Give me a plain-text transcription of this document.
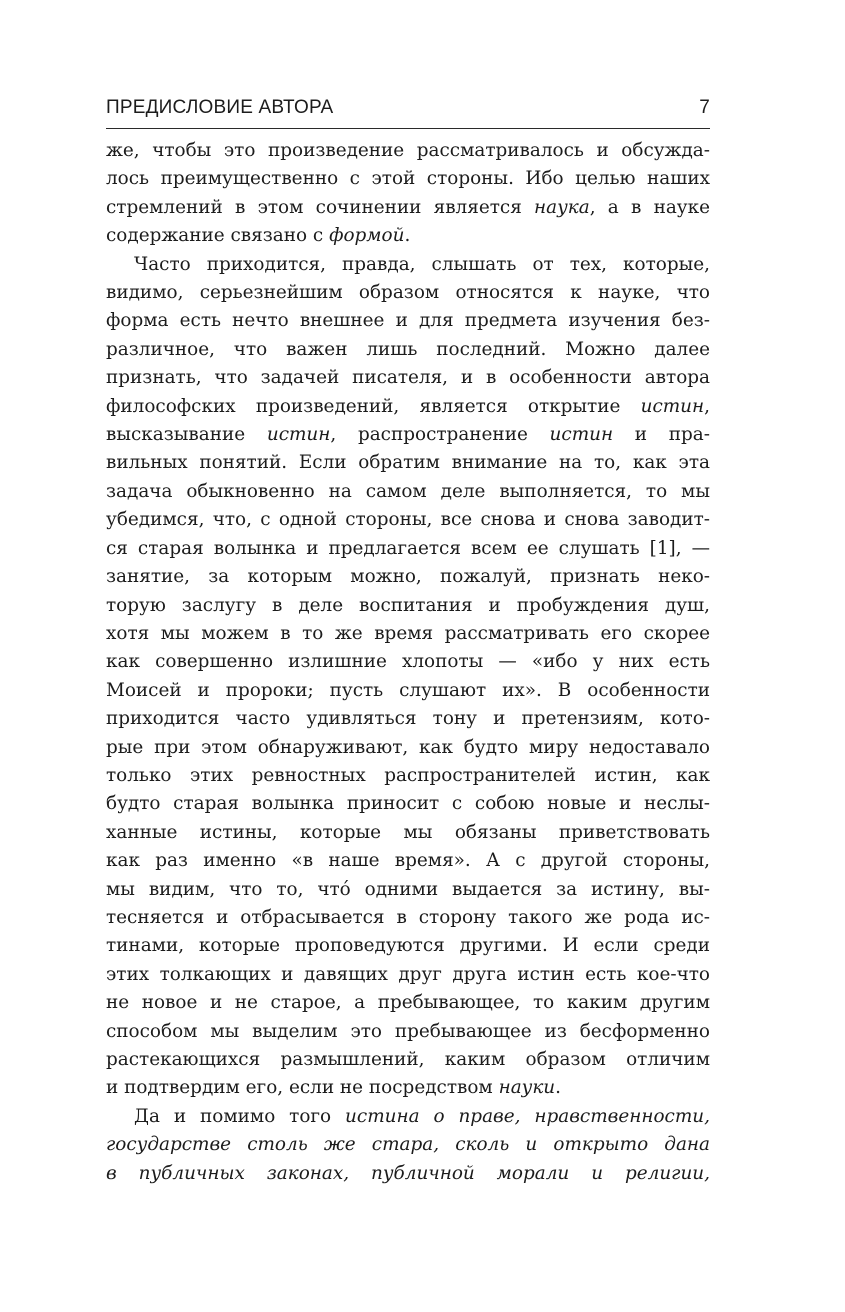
ПРЕДИСЛОВИЕ АВТОРА	7
же, чтобы это произведение рассматривалось и обсужда-
лось преимущественно с этой стороны. Ибо целью наших
стремлений в этом сочинении является наука, а в науке
содержание связано с формой.
Часто приходится, правда, слышать от тех, которые,
видимо, серьезнейшим образом относятся к науке, что
форма есть нечто внешнее и для предмета изучения без-
различное, что важен лишь последний. Можно далее
признать, что задачей писателя, и в особенности автора
философских произведений, является открытие истин,
высказывание истин, распространение истин и пра-
вильных понятий. Если обратим внимание на то, как эта
задача обыкновенно на самом деле выполняется, то мы
убедимся, что, с одной стороны, все снова и снова заводит-
ся старая волынка и предлагается всем ее слушать [1], —
занятие, за которым можно, пожалуй, признать неко-
торую заслугу в деле воспитания и пробуждения душ,
хотя мы можем в то же время рассматривать его скорее
как совершенно излишние хлопоты — «ибо у них есть
Моисей и пророки; пусть слушают их». В особенности
приходится часто удивляться тону и претензиям, кото-
рые при этом обнаруживают, как будто миру недоставало
только этих ревностных распространителей истин, как
будто старая волынка приносит с собою новые и неслы-
ханные истины, которые мы обязаны приветствовать
как раз именно «в наше время». А с другой стороны,
мы видим, что то, что́ одними выдается за истину, вы-
тесняется и отбрасывается в сторону такого же рода ис-
тинами, которые проповедуются другими. И если среди
этих толкающих и давящих друг друга истин есть кое-что
не новое и не старое, а пребывающее, то каким другим
способом мы выделим это пребывающее из бесформенно
растекающихся размышлений, каким образом отличим
и подтвердим его, если не посредством науки.
Да и помимо того истина о праве, нравственности,
государстве столь же стара, сколь и открыто дана
в публичных законах, публичной морали и религии,
